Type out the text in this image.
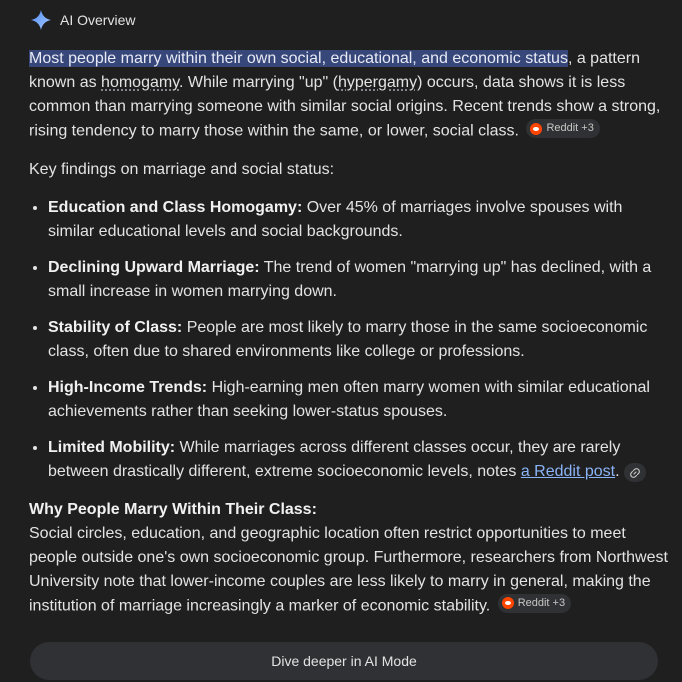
AI Overview

Most people marry within their own social, educational, and economic status, a pattern known as homogamy. While marrying "up" (hypergamy) occurs, data shows it is less common than marrying someone with similar social origins. Recent trends show a strong, rising tendency to marry those within the same, or lower, social class. Reddit +3

Key findings on marriage and social status:

• Education and Class Homogamy: Over 45% of marriages involve spouses with similar educational levels and social backgrounds.
• Declining Upward Marriage: The trend of women "marrying up" has declined, with a small increase in women marrying down.
• Stability of Class: People are most likely to marry those in the same socioeconomic class, often due to shared environments like college or professions.
• High-Income Trends: High-earning men often marry women with similar educational achievements rather than seeking lower-status spouses.
• Limited Mobility: While marriages across different classes occur, they are rarely between drastically different, extreme socioeconomic levels, notes a Reddit post.

Why People Marry Within Their Class:

Social circles, education, and geographic location often restrict opportunities to meet people outside one's own socioeconomic group. Furthermore, researchers from Northwest University note that lower-income couples are less likely to marry in general, making the institution of marriage increasingly a marker of economic stability. Reddit +3

Dive deeper in AI Mode
